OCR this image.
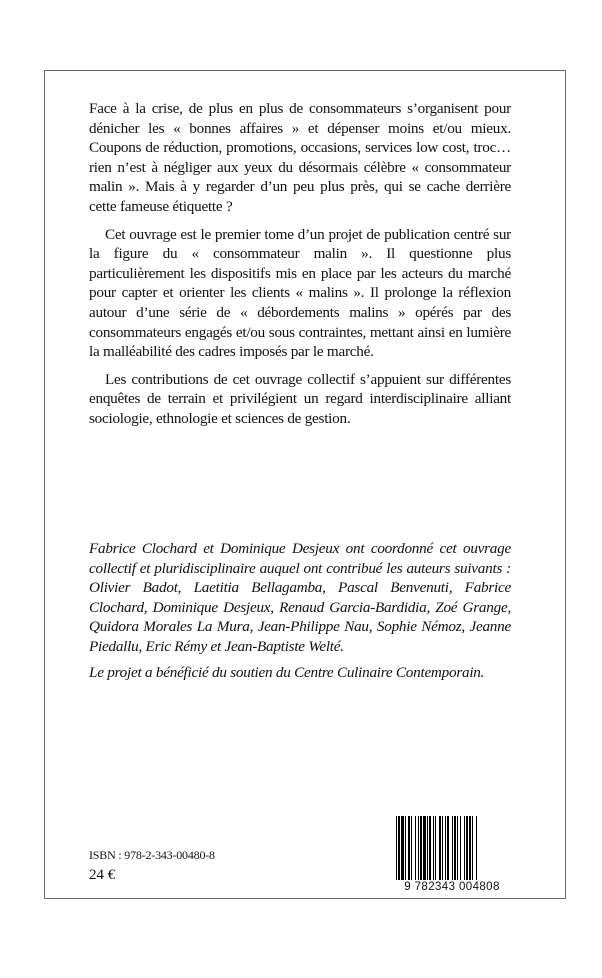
Face à la crise, de plus en plus de consommateurs s’organisent pour dénicher les « bonnes affaires » et dépenser moins et/ou mieux. Coupons de réduction, promotions, occasions, services low cost, troc… rien n’est à négliger aux yeux du désormais célèbre « consommateur malin ». Mais à y regarder d’un peu plus près, qui se cache derrière cette fameuse étiquette ?

Cet ouvrage est le premier tome d’un projet de publication centré sur la figure du « consommateur malin ». Il questionne plus particulièrement les dispositifs mis en place par les acteurs du marché pour capter et orienter les clients « malins ». Il prolonge la réflexion autour d’une série de « débordements malins » opérés par des consommateurs engagés et/ou sous contraintes, mettant ainsi en lumière la malléabilité des cadres imposés par le marché.

Les contributions de cet ouvrage collectif s’appuient sur différentes enquêtes de terrain et privilégient un regard interdisciplinaire alliant sociologie, ethnologie et sciences de gestion.

Fabrice Clochard et Dominique Desjeux ont coordonné cet ouvrage collectif et pluridisciplinaire auquel ont contribué les auteurs suivants : Olivier Badot, Laetitia Bellagamba, Pascal Benvenuti, Fabrice Clochard, Dominique Desjeux, Renaud Garcia-Bardidia, Zoé Grange, Quidora Morales La Mura, Jean-Philippe Nau, Sophie Némoz, Jeanne Piedallu, Eric Rémy et Jean-Baptiste Welté.

Le projet a bénéficié du soutien du Centre Culinaire Contemporain.

ISBN : 978-2-343-00480-8
24 €
9 782343 004808
